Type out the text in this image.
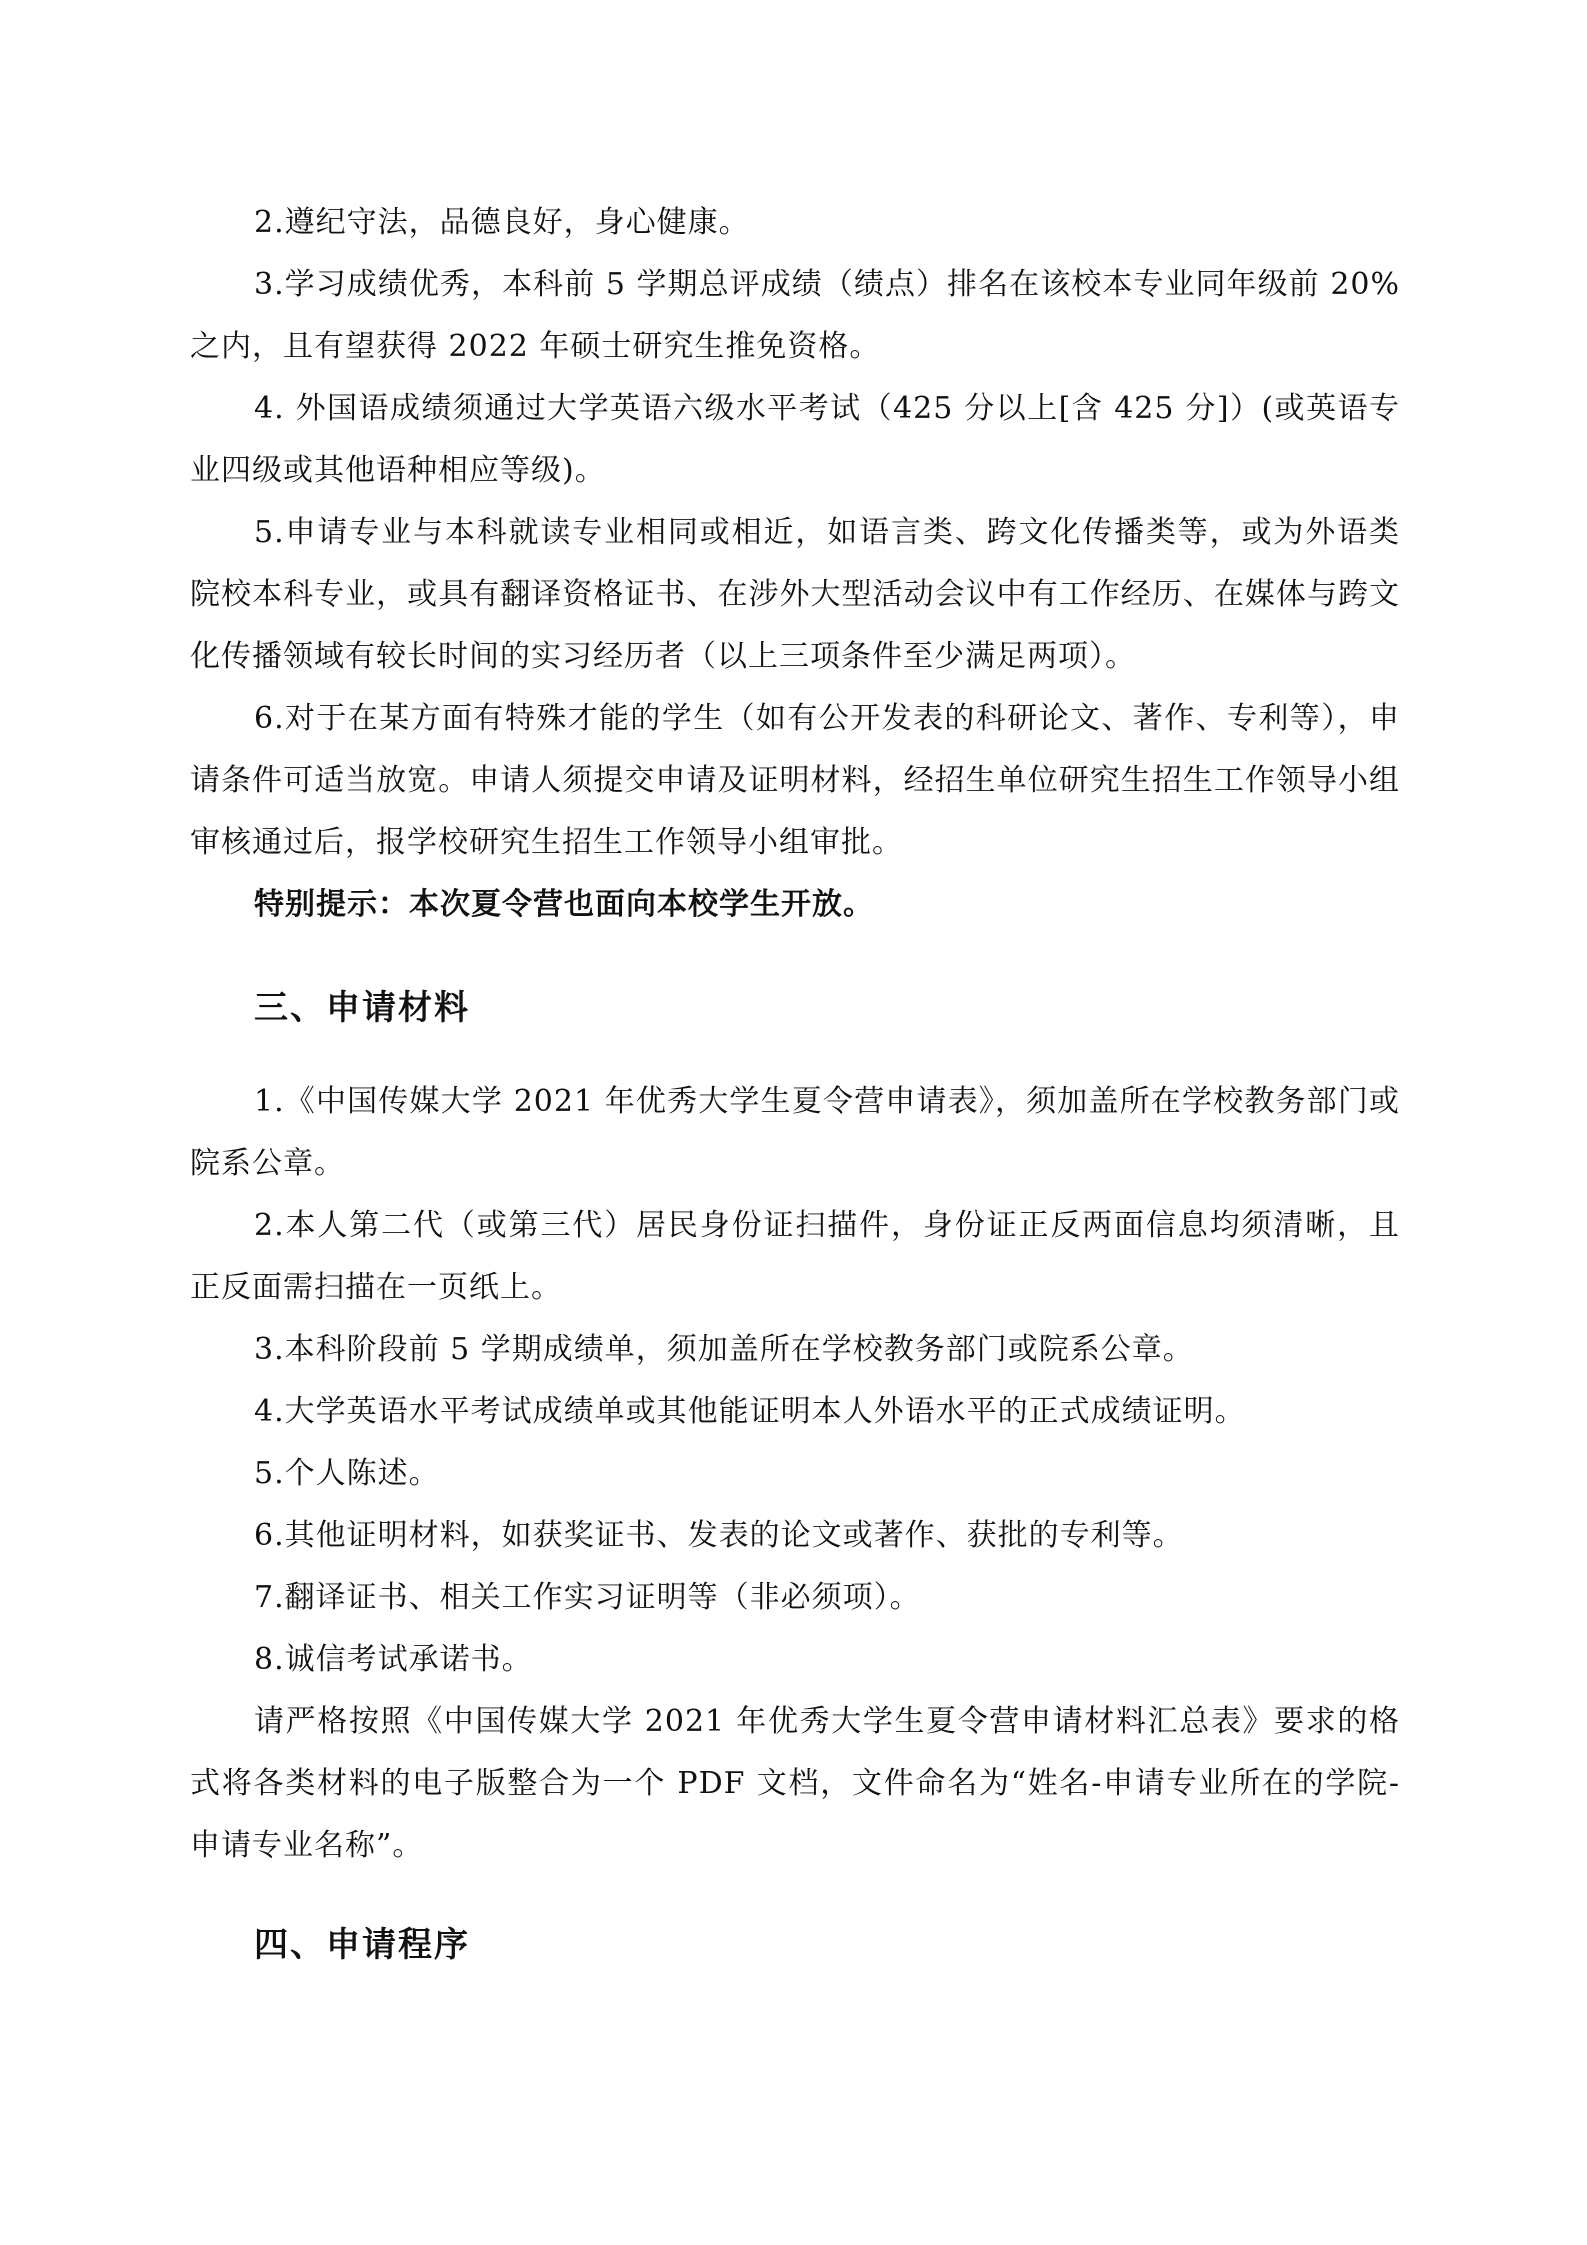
2.遵纪守法，品德良好，身心健康。

3.学习成绩优秀，本科前 5 学期总评成绩（绩点）排名在该校本专业同年级前 20%之内，且有望获得 2022 年硕士研究生推免资格。

4. 外国语成绩须通过大学英语六级水平考试（425 分以上[含 425 分]）(或英语专业四级或其他语种相应等级)。

5.申请专业与本科就读专业相同或相近，如语言类、跨文化传播类等，或为外语类院校本科专业，或具有翻译资格证书、在涉外大型活动会议中有工作经历、在媒体与跨文化传播领域有较长时间的实习经历者（以上三项条件至少满足两项）。

6.对于在某方面有特殊才能的学生（如有公开发表的科研论文、著作、专利等），申请条件可适当放宽。申请人须提交申请及证明材料，经招生单位研究生招生工作领导小组审核通过后，报学校研究生招生工作领导小组审批。

特别提示：本次夏令营也面向本校学生开放。

三、申请材料

1.《中国传媒大学 2021 年优秀大学生夏令营申请表》，须加盖所在学校教务部门或院系公章。

2.本人第二代（或第三代）居民身份证扫描件，身份证正反两面信息均须清晰，且正反面需扫描在一页纸上。

3.本科阶段前 5 学期成绩单，须加盖所在学校教务部门或院系公章。

4.大学英语水平考试成绩单或其他能证明本人外语水平的正式成绩证明。

5.个人陈述。

6.其他证明材料，如获奖证书、发表的论文或著作、获批的专利等。

7.翻译证书、相关工作实习证明等（非必须项）。

8.诚信考试承诺书。

请严格按照《中国传媒大学 2021 年优秀大学生夏令营申请材料汇总表》要求的格式将各类材料的电子版整合为一个 PDF 文档，文件命名为“姓名-申请专业所在的学院-申请专业名称”。

四、申请程序
